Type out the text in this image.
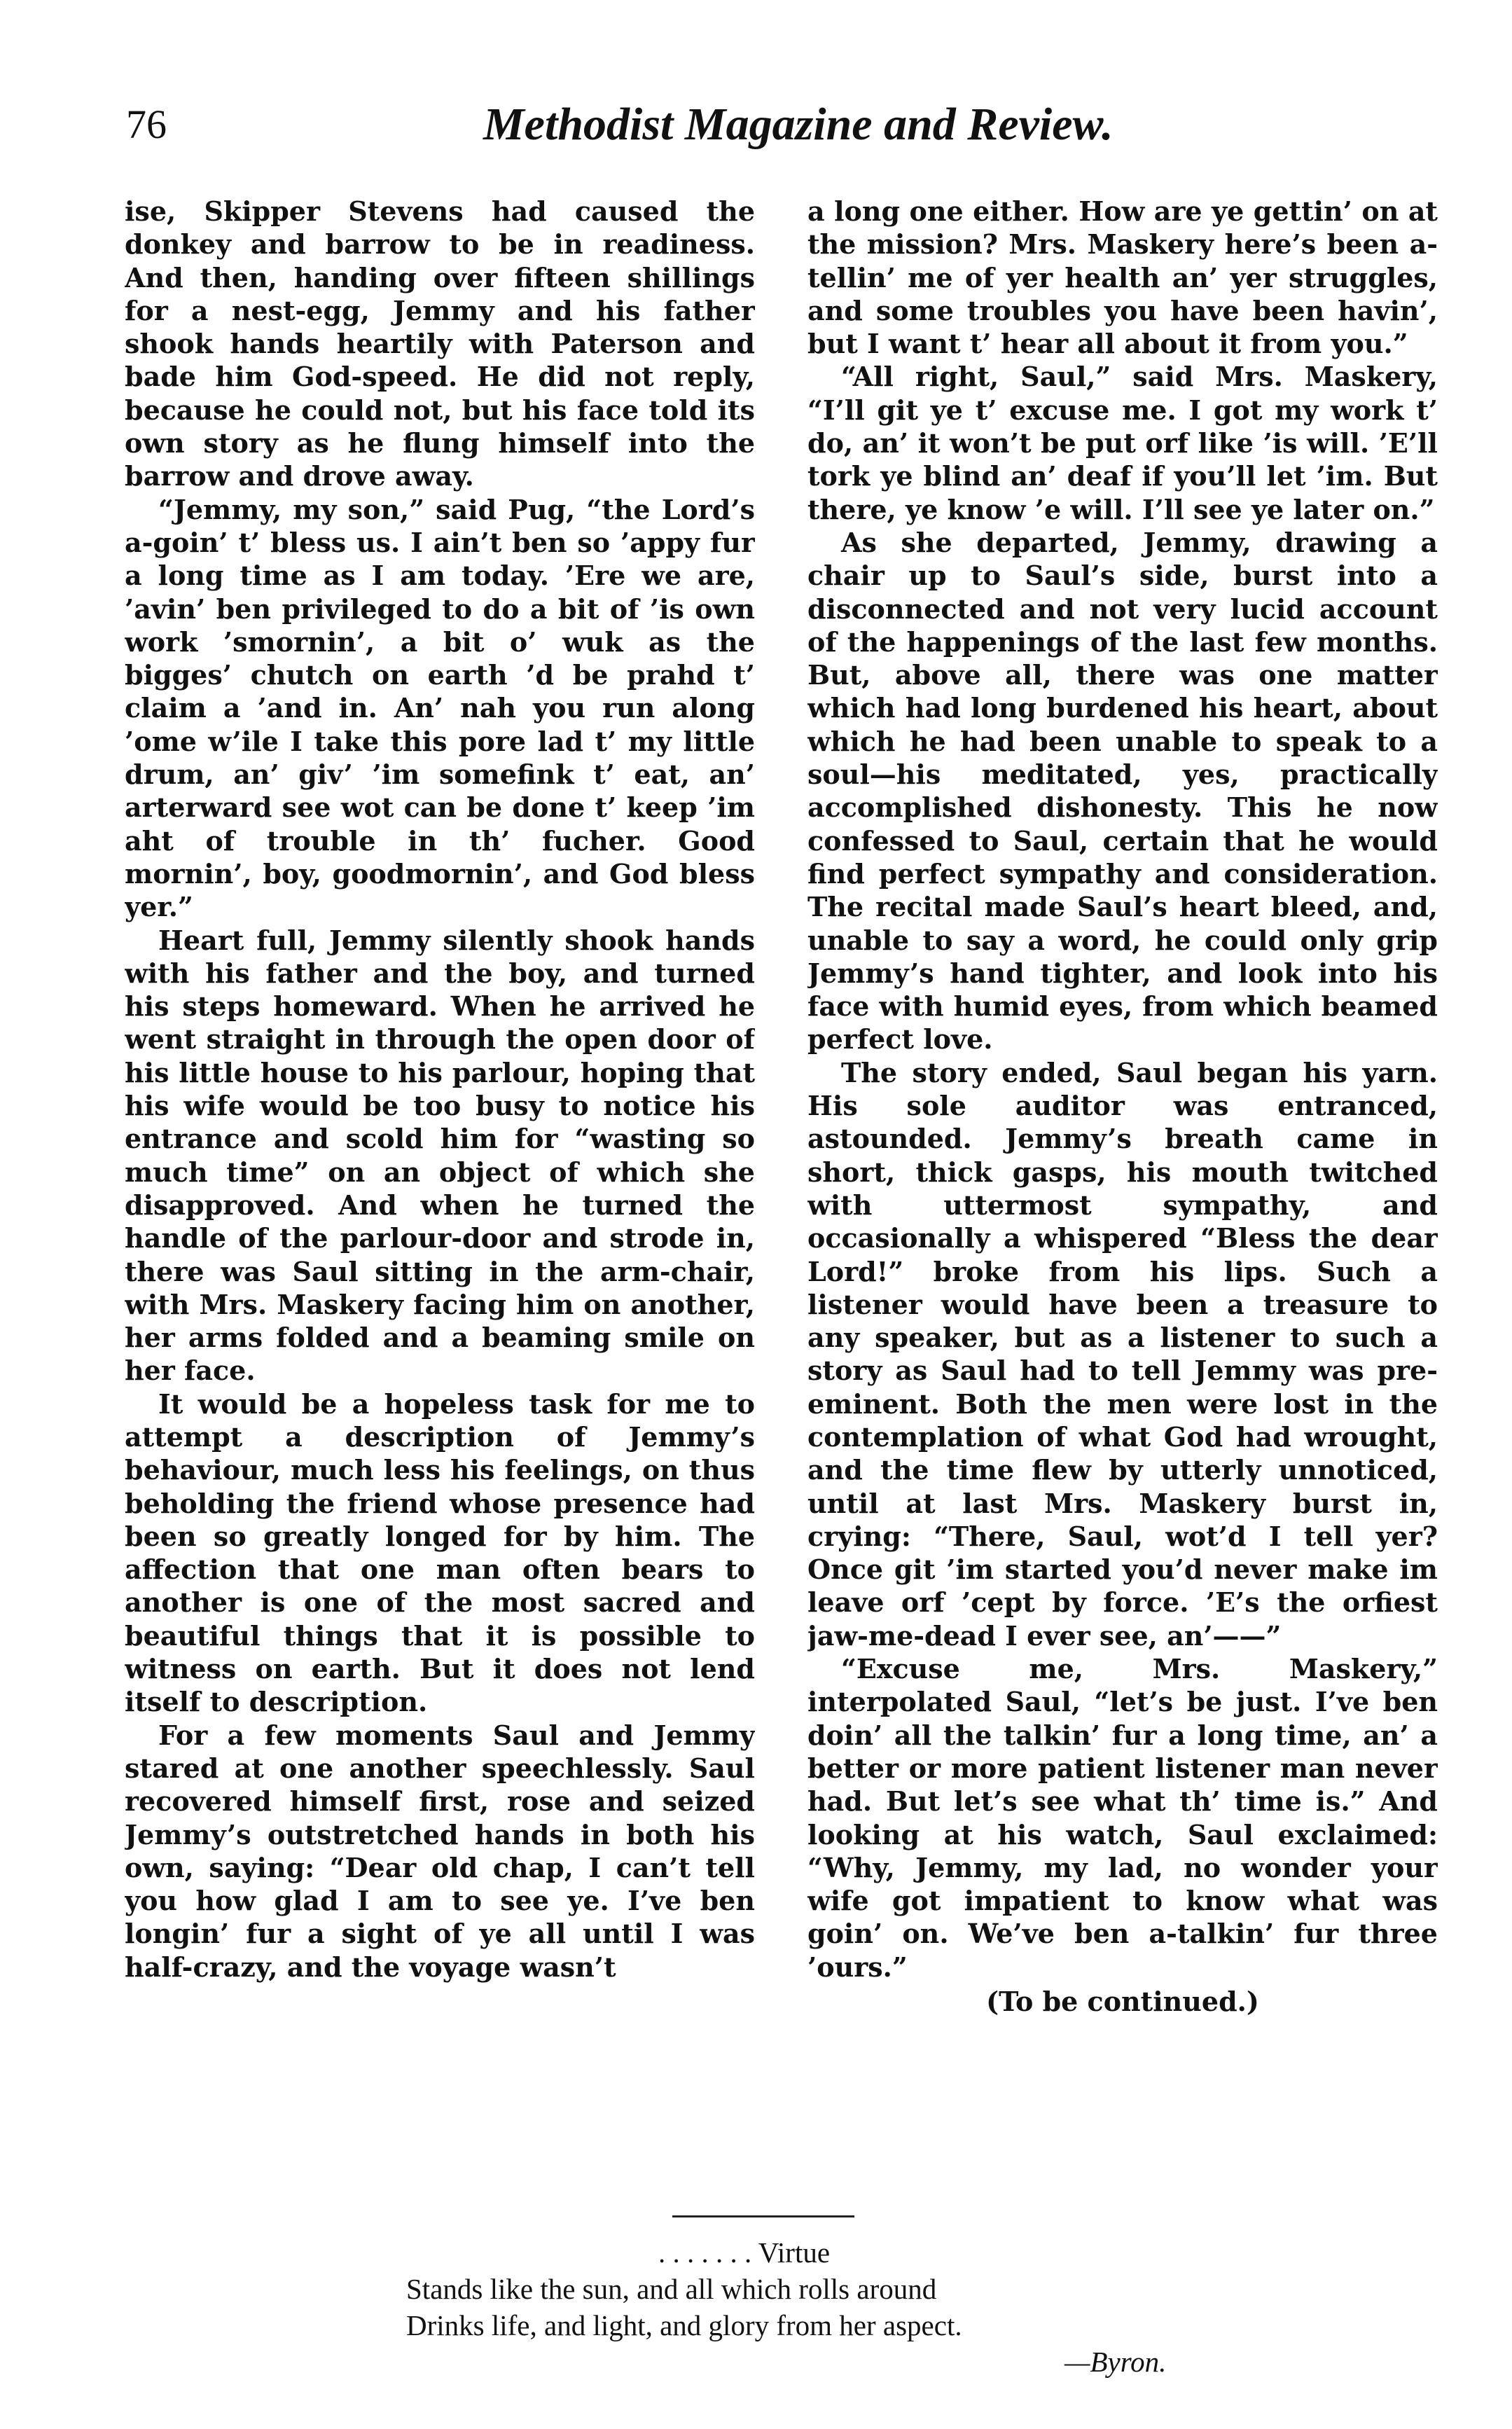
76	Methodist Magazine and Review.

ise, Skipper Stevens had caused the donkey and barrow to be in readiness. And then, handing over fifteen shillings for a nest-egg, Jemmy and his father shook hands heartily with Paterson and bade him God-speed. He did not reply, because he could not, but his face told its own story as he flung himself into the barrow and drove away.

“Jemmy, my son,” said Pug, “the Lord’s a-goin’ t’ bless us. I ain’t ben so ’appy fur a long time as I am today. ’Ere we are, ’avin’ ben privileged to do a bit of ’is own work ’smornin’, a bit o’ wuk as the bigges’ chutch on earth ’d be prahd t’ claim a ’and in. An’ nah you run along ’ome w’ile I take this pore lad t’ my little drum, an’ giv’ ’im somefink t’ eat, an’ arterward see wot can be done t’ keep ’im aht of trouble in th’ fucher. Good mornin’, boy, goodmornin’, and God bless yer.”

Heart full, Jemmy silently shook hands with his father and the boy, and turned his steps homeward. When he arrived he went straight in through the open door of his little house to his parlour, hoping that his wife would be too busy to notice his entrance and scold him for “wasting so much time” on an object of which she disapproved. And when he turned the handle of the parlour-door and strode in, there was Saul sitting in the arm-chair, with Mrs. Maskery facing him on another, her arms folded and a beaming smile on her face.

It would be a hopeless task for me to attempt a description of Jemmy’s behaviour, much less his feelings, on thus beholding the friend whose presence had been so greatly longed for by him. The affection that one man often bears to another is one of the most sacred and beautiful things that it is possible to witness on earth. But it does not lend itself to description.

For a few moments Saul and Jemmy stared at one another speechlessly. Saul recovered himself first, rose and seized Jemmy’s outstretched hands in both his own, saying: “Dear old chap, I can’t tell you how glad I am to see ye. I’ve ben longin’ fur a sight of ye all until I was half-crazy, and the voyage wasn’t

a long one either. How are ye gettin’ on at the mission? Mrs. Maskery here’s been a-tellin’ me of yer health an’ yer struggles, and some troubles you have been havin’, but I want t’ hear all about it from you.”

“All right, Saul,” said Mrs. Maskery, “I’ll git ye t’ excuse me. I got my work t’ do, an’ it won’t be put orf like ’is will. ’E’ll tork ye blind an’ deaf if you’ll let ’im. But there, ye know ’e will. I’ll see ye later on.”

As she departed, Jemmy, drawing a chair up to Saul’s side, burst into a disconnected and not very lucid account of the happenings of the last few months. But, above all, there was one matter which had long burdened his heart, about which he had been unable to speak to a soul—his meditated, yes, practically accomplished dishonesty. This he now confessed to Saul, certain that he would find perfect sympathy and consideration. The recital made Saul’s heart bleed, and, unable to say a word, he could only grip Jemmy’s hand tighter, and look into his face with humid eyes, from which beamed perfect love.

The story ended, Saul began his yarn. His sole auditor was entranced, astounded. Jemmy’s breath came in short, thick gasps, his mouth twitched with uttermost sympathy, and occasionally a whispered “Bless the dear Lord!” broke from his lips. Such a listener would have been a treasure to any speaker, but as a listener to such a story as Saul had to tell Jemmy was pre-eminent. Both the men were lost in the contemplation of what God had wrought, and the time flew by utterly unnoticed, until at last Mrs. Maskery burst in, crying: “There, Saul, wot’d I tell yer? Once git ’im started you’d never make im leave orf ’cept by force. ’E’s the orfiest jaw-me-dead I ever see, an’——”

“Excuse me, Mrs. Maskery,” interpolated Saul, “let’s be just. I’ve ben doin’ all the talkin’ fur a long time, an’ a better or more patient listener man never had. But let’s see what th’ time is.” And looking at his watch, Saul exclaimed: “Why, Jemmy, my lad, no wonder your wife got impatient to know what was goin’ on. We’ve ben a-talkin’ fur three ’ours.”

(To be continued.)

. . . . . . . Virtue
Stands like the sun, and all which rolls around
Drinks life, and light, and glory from her aspect.
—Byron.
